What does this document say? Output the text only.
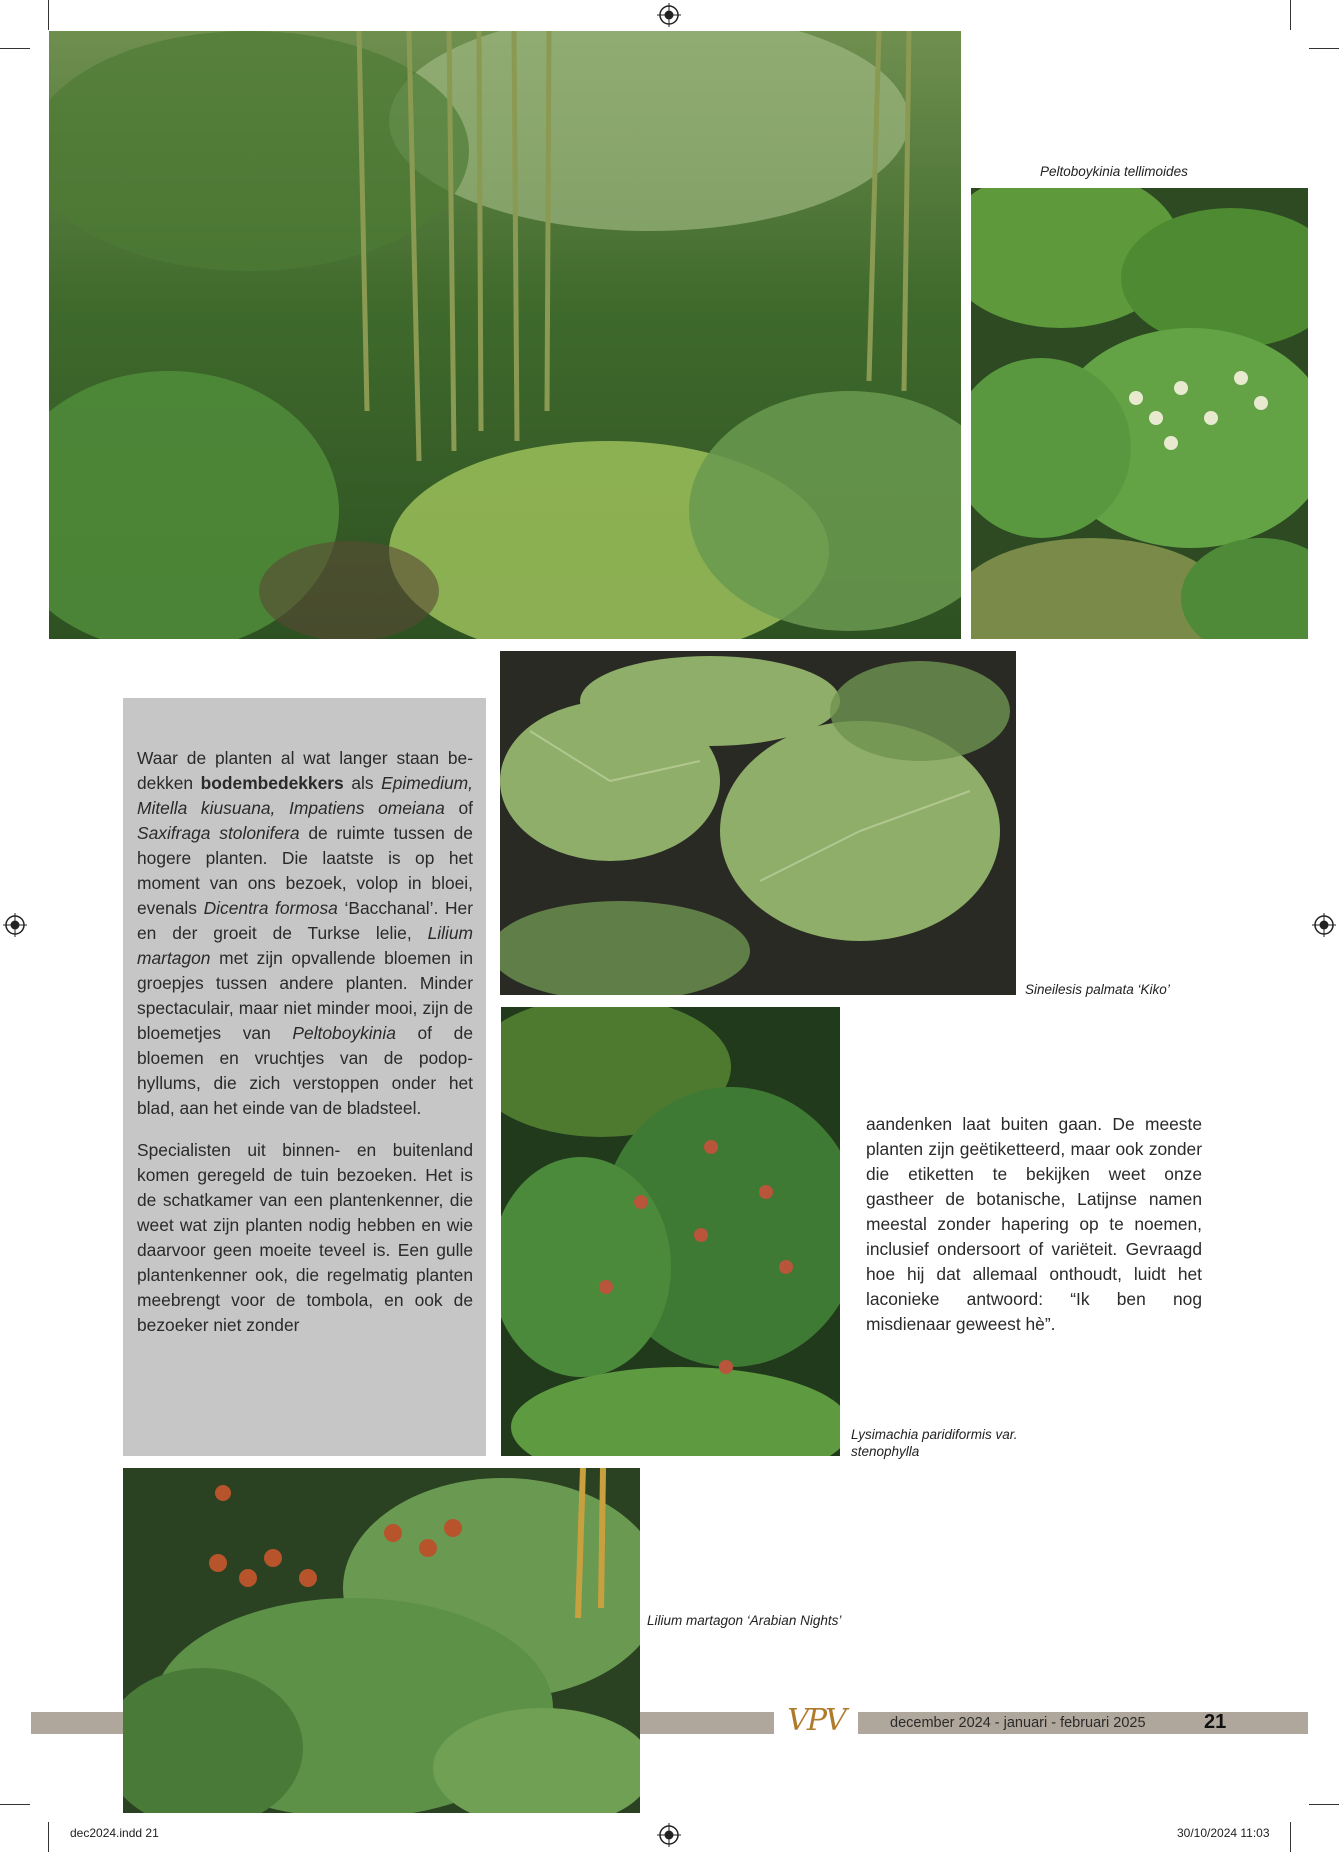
Peltoboykinia tellimoides
Sineilesis palmata ‘Kiko’
Lysimachia paridiformis var.
stenophylla

Waar de planten al wat langer staan bedekken bodembedekkers als Epimedium, Mitella kiusuana, Impatiens omeiana of Saxifraga stolonifera de ruimte tussen de hogere planten. Die laatste is op het moment van ons bezoek, volop in bloei, evenals Dicentra formosa ‘Bacchanal’. Her en der groeit de Turkse lelie, Lilium martagon met zijn opvallende bloemen in groepjes tussen andere planten. Minder spectaculair, maar niet minder mooi, zijn de bloemetjes van Peltoboykinia of de bloemen en vruchtjes van de podophyllums, die zich verstoppen onder het blad, aan het einde van de bladsteel.

Specialisten uit binnen- en buitenland komen geregeld de tuin bezoeken. Het is de schatkamer van een plantenkenner, die weet wat zijn planten nodig hebben en wie daarvoor geen moeite teveel is. Een gulle plantenkenner ook, die regelmatig planten meebrengt voor de tombola, en ook de bezoeker niet zonder

aandenken laat buiten gaan. De meeste planten zijn geëtiketteerd, maar ook zonder die etiketten te bekijken weet onze gastheer de botanische, Latijnse namen meestal zonder hapering op te noemen, inclusief ondersoort of variëteit. Gevraagd hoe hij dat allemaal onthoudt, luidt het laconieke antwoord: “Ik ben nog misdienaar geweest hè”.

Lilium martagon ‘Arabian Nights’
VPV	december 2024 - januari - februari 2025	21
dec2024.indd 21	30/10/2024 11:03
